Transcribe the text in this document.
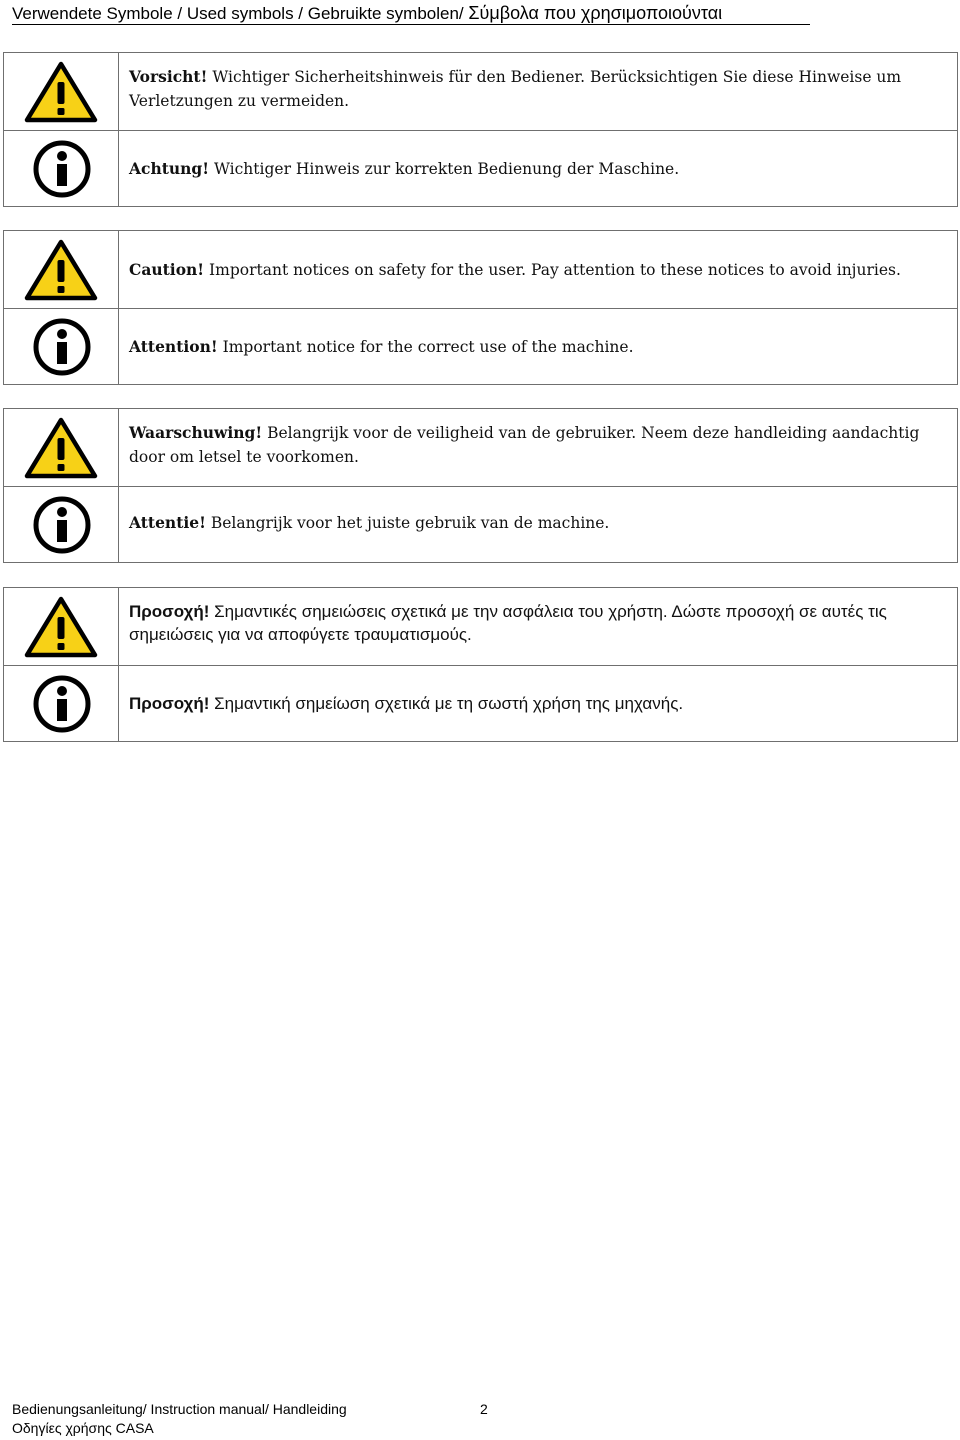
Verwendete Symbole / Used symbols / Gebruikte symbolen/ Σύμβολα που χρησιμοποιούνται
	Vorsicht! Wichtiger Sicherheitshinweis für den Bediener. Berücksichtigen Sie diese Hinweise um Verletzungen zu vermeiden.

	Achtung! Wichtiger Hinweis zur korrekten Bedienung der Maschine.
	Caution! Important notices on safety for the user. Pay attention to these notices to avoid injuries.

	Attention! Important notice for the correct use of the machine.
	Waarschuwing! Belangrijk voor de veiligheid van de gebruiker. Neem deze handleiding aandachtig door om letsel te voorkomen.

	Attentie! Belangrijk voor het juiste gebruik van de machine.
	Προσοχή! Σημαντικές σημειώσεις σχετικά με την ασφάλεια του χρήστη. Δώστε προσοχή σε αυτές τις σημειώσεις για να αποφύγετε τραυματισμούς.

	Προσοχή! Σημαντική σημείωση σχετικά με τη σωστή χρήση της μηχανής.
Bedienungsanleitung/ Instruction manual/ Handleiding	2
Οδηγίες χρήσης CASA
